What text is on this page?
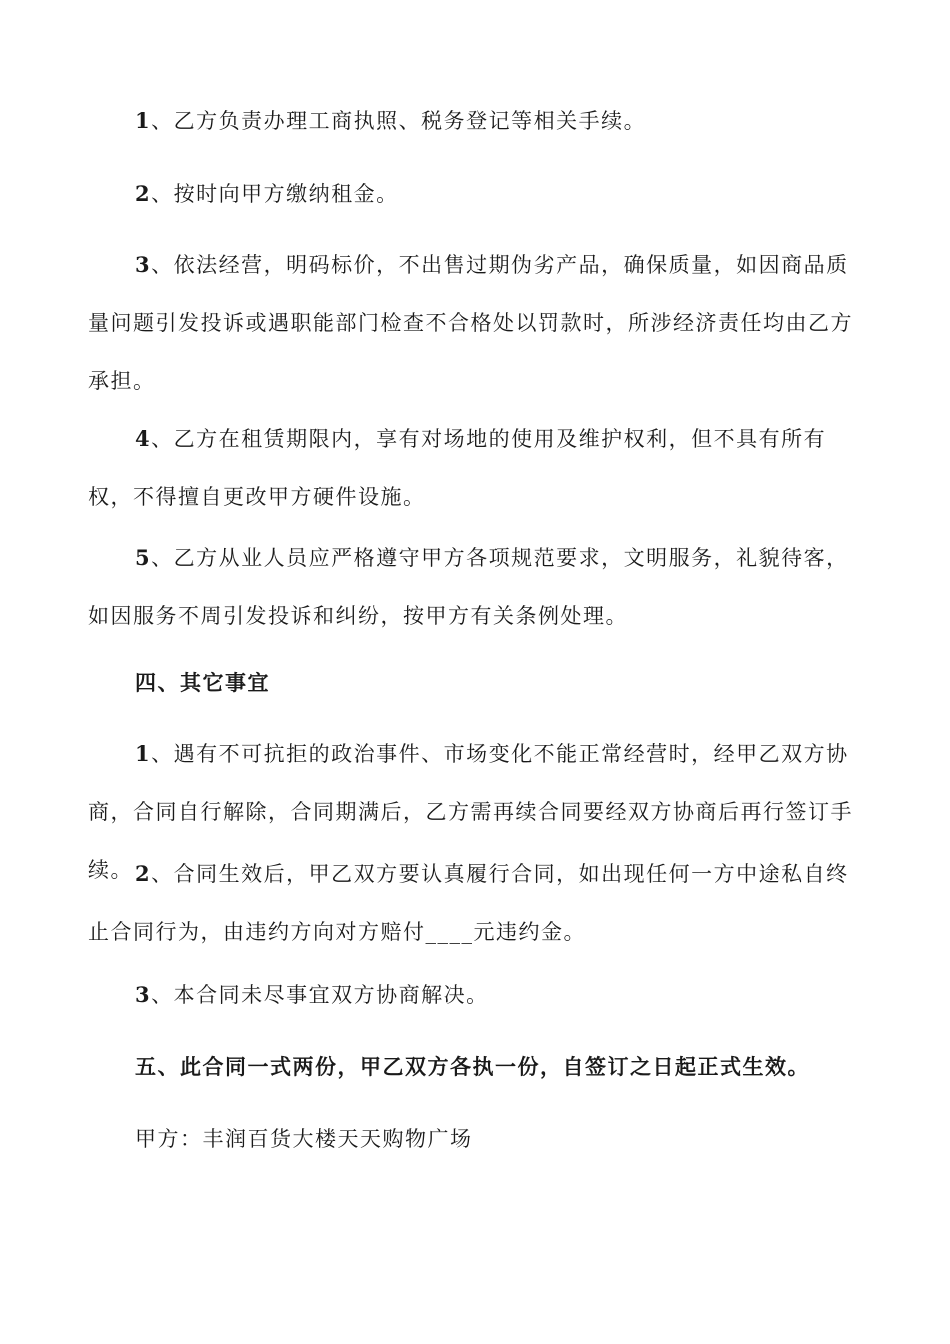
1、乙方负责办理工商执照、税务登记等相关手续。

2、按时向甲方缴纳租金。

3、依法经营，明码标价，不出售过期伪劣产品，确保质量，如因商品质量问题引发投诉或遇职能部门检查不合格处以罚款时，所涉经济责任均由乙方承担。

4、乙方在租赁期限内，享有对场地的使用及维护权利，但不具有所有权，不得擅自更改甲方硬件设施。

5、乙方从业人员应严格遵守甲方各项规范要求，文明服务，礼貌待客，如因服务不周引发投诉和纠纷，按甲方有关条例处理。

四、其它事宜

1、遇有不可抗拒的政治事件、市场变化不能正常经营时，经甲乙双方协商，合同自行解除，合同期满后，乙方需再续合同要经双方协商后再行签订手续。 2、合同生效后，甲乙双方要认真履行合同，如出现任何一方中途私自终止合同行为，由违约方向对方赔付____元违约金。

3、本合同未尽事宜双方协商解决。

五、此合同一式两份，甲乙双方各执一份，自签订之日起正式生效。

甲方：丰润百货大楼天天购物广场
